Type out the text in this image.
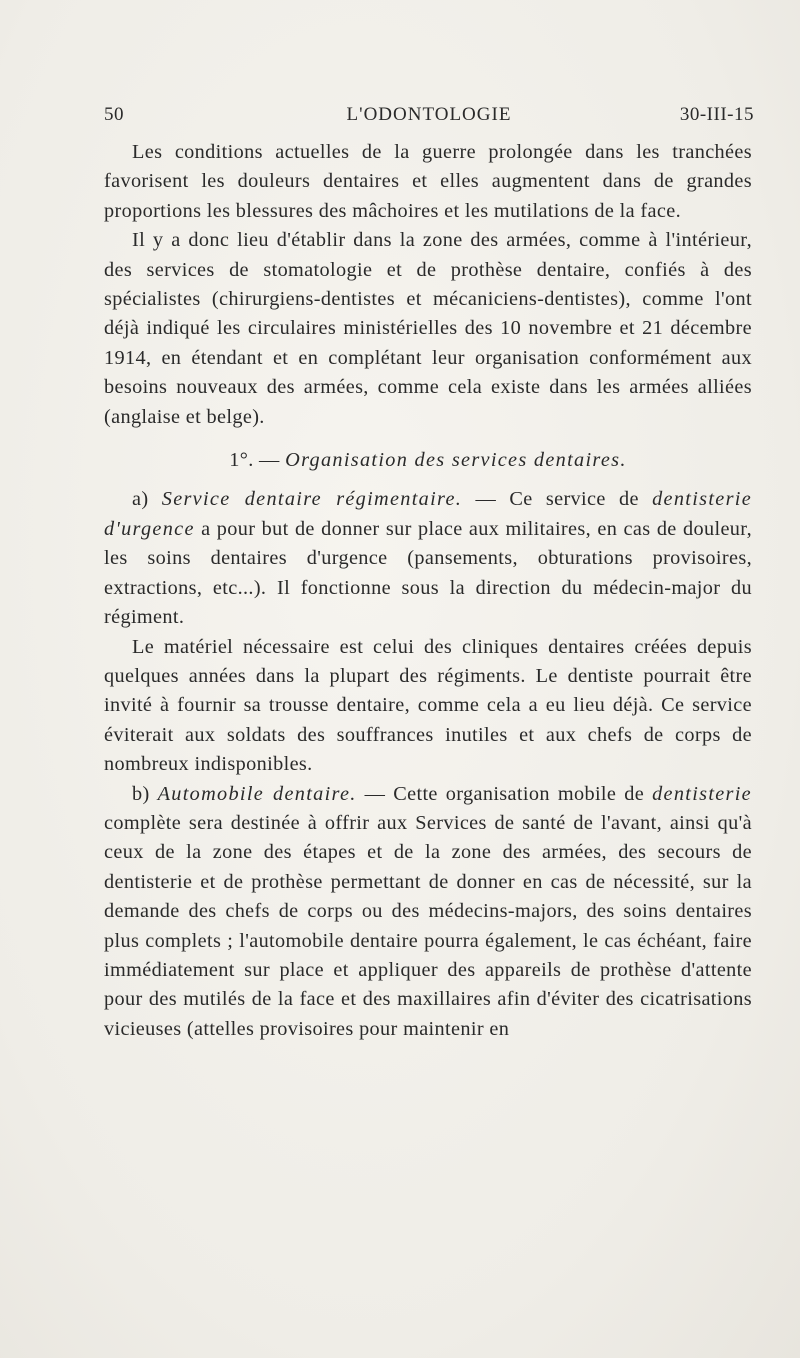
50	L'ODONTOLOGIE	30-III-15

Les conditions actuelles de la guerre prolongée dans les tranchées favorisent les douleurs dentaires et elles augmentent dans de grandes proportions les blessures des mâchoires et les mutilations de la face.

Il y a donc lieu d'établir dans la zone des armées, comme à l'intérieur, des services de stomatologie et de prothèse dentaire, confiés à des spécialistes (chirurgiens-dentistes et mécaniciens-dentistes), comme l'ont déjà indiqué les circulaires ministérielles des 10 novembre et 21 décembre 1914, en étendant et en complétant leur organisation conformément aux besoins nouveaux des armées, comme cela existe dans les armées alliées (anglaise et belge).

1°. — Organisation des services dentaires.

a) Service dentaire régimentaire. — Ce service de dentisterie d'urgence a pour but de donner sur place aux militaires, en cas de douleur, les soins dentaires d'urgence (pansements, obturations provisoires, extractions, etc...). Il fonctionne sous la direction du médecin-major du régiment.

Le matériel nécessaire est celui des cliniques dentaires créées depuis quelques années dans la plupart des régiments. Le dentiste pourrait être invité à fournir sa trousse dentaire, comme cela a eu lieu déjà. Ce service éviterait aux soldats des souffrances inutiles et aux chefs de corps de nombreux indisponibles.

b) Automobile dentaire. — Cette organisation mobile de dentisterie complète sera destinée à offrir aux Services de santé de l'avant, ainsi qu'à ceux de la zone des étapes et de la zone des armées, des secours de dentisterie et de prothèse permettant de donner en cas de nécessité, sur la demande des chefs de corps ou des médecins-majors, des soins dentaires plus complets ; l'automobile dentaire pourra également, le cas échéant, faire immédiatement sur place et appliquer des appareils de prothèse d'attente pour des mutilés de la face et des maxillaires afin d'éviter des cicatrisations vicieuses (attelles provisoires pour maintenir en
